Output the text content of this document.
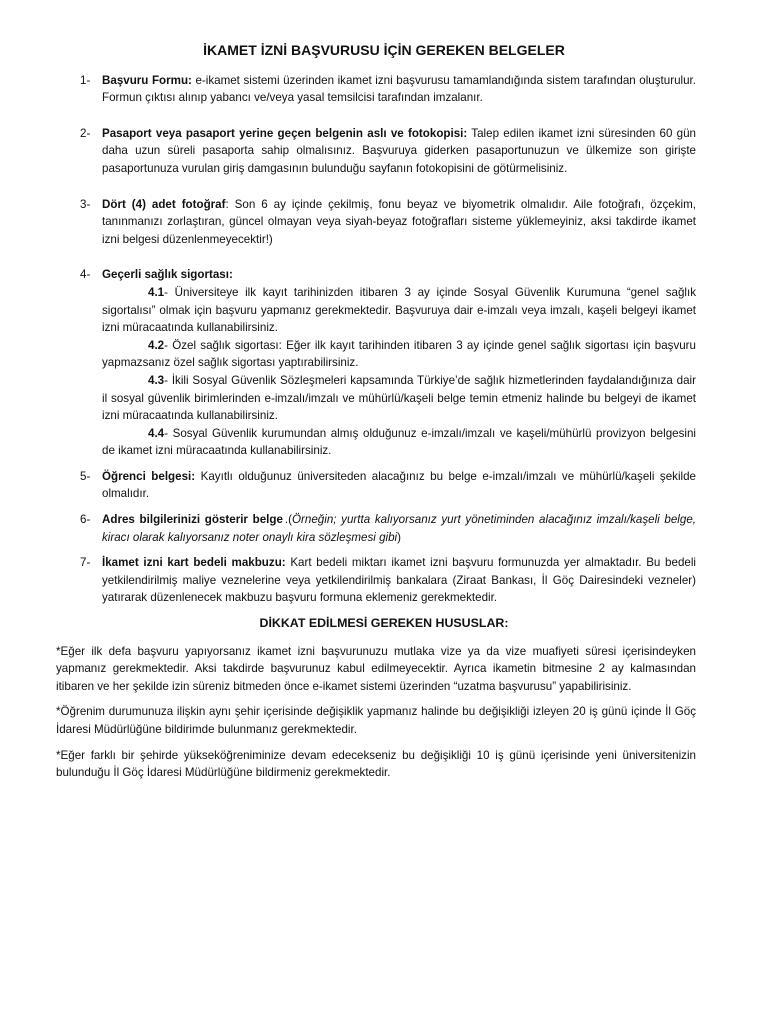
İKAMET İZNİ BAŞVURUSU İÇİN GEREKEN BELGELER
1- Başvuru Formu: e-ikamet sistemi üzerinden ikamet izni başvurusu tamamlandığında sistem tarafından oluşturulur. Formun çıktısı alınıp yabancı ve/veya yasal temsilcisi tarafından imzalanır.
2- Pasaport veya pasaport yerine geçen belgenin aslı ve fotokopisi: Talep edilen ikamet izni süresinden 60 gün daha uzun süreli pasaporta sahip olmalısınız. Başvuruya giderken pasaportunuzun ve ülkemize son girişte pasaportunuza vurulan giriş damgasının bulunduğu sayfanın fotokopisini de götürmelisiniz.
3- Dört (4) adet fotoğraf: Son 6 ay içinde çekilmiş, fonu beyaz ve biyometrik olmalıdır. Aile fotoğrafı, özçekim, tanınmanızı zorlaştıran, güncel olmayan veya siyah-beyaz fotoğrafları sisteme yüklemeyiniz, aksi takdirde ikamet izni belgesi düzenlenmeyecektir!)
4- Geçerli sağlık sigortası:
4.1- Üniversiteye ilk kayıt tarihinizden itibaren 3 ay içinde Sosyal Güvenlik Kurumuna “genel sağlık sigortalısı” olmak için başvuru yapmanız gerekmektedir. Başvuruya dair e-imzalı veya imzalı, kaşeli belgeyi ikamet izni müracaatında kullanabilirsiniz.
4.2- Özel sağlık sigortası: Eğer ilk kayıt tarihinden itibaren 3 ay içinde genel sağlık sigortası için başvuru yapmazsanız özel sağlık sigortası yaptırabilirsiniz.
4.3- İkili Sosyal Güvenlik Sözleşmeleri kapsamında Türkiye’de sağlık hizmetlerinden faydalandığınıza dair il sosyal güvenlik birimlerinden e-imzalı/imzalı ve mühürlü/kaşeli belge temin etmeniz halinde bu belgeyi de ikamet izni müracaatında kullanabilirsiniz.
4.4- Sosyal Güvenlik kurumundan almış olduğunuz e-imzalı/imzalı ve kaşeli/mühürlü provizyon belgesini de ikamet izni müracaatında kullanabilirsiniz.
5- Öğrenci belgesi: Kayıtlı olduğunuz üniversiteden alacağınız bu belge e-imzalı/imzalı ve mühürlü/kaşeli şekilde olmalıdır.
6- Adres bilgilerinizi gösterir belge .(Örneğin; yurtta kalıyorsanız yurt yönetiminden alacağınız imzalı/kaşeli belge, kiracı olarak kalıyorsanız noter onaylı kira sözleşmesi gibi)
7- İkamet izni kart bedeli makbuzu: Kart bedeli miktarı ikamet izni başvuru formunuzda yer almaktadır. Bu bedeli yetkilendirilmiş maliye veznelerine veya yetkilendirilmiş bankalara (Ziraat Bankası, İl Göç Dairesindeki vezneler) yatırarak düzenlenecek makbuzu başvuru formuna eklemeniz gerekmektedir.
DİKKAT EDİLMESİ GEREKEN HUSUSLAR:

*Eğer ilk defa başvuru yapıyorsanız ikamet izni başvurunuzu mutlaka vize ya da vize muafiyeti süresi içerisindeyken yapmanız gerekmektedir. Aksi takdirde başvurunuz kabul edilmeyecektir. Ayrıca ikametin bitmesine 2 ay kalmasından itibaren ve her şekilde izin süreniz bitmeden önce e-ikamet sistemi üzerinden “uzatma başvurusu” yapabilirisiniz.

*Öğrenim durumunuza ilişkin aynı şehir içerisinde değişiklik yapmanız halinde bu değişikliği izleyen 20 iş günü içinde İl Göç İdaresi Müdürlüğüne bildirimde bulunmanız gerekmektedir.

*Eğer farklı bir şehirde yükseköğreniminize devam edecekseniz bu değişikliği 10 iş günü içerisinde yeni üniversitenizin bulunduğu İl Göç İdaresi Müdürlüğüne bildirmeniz gerekmektedir.
